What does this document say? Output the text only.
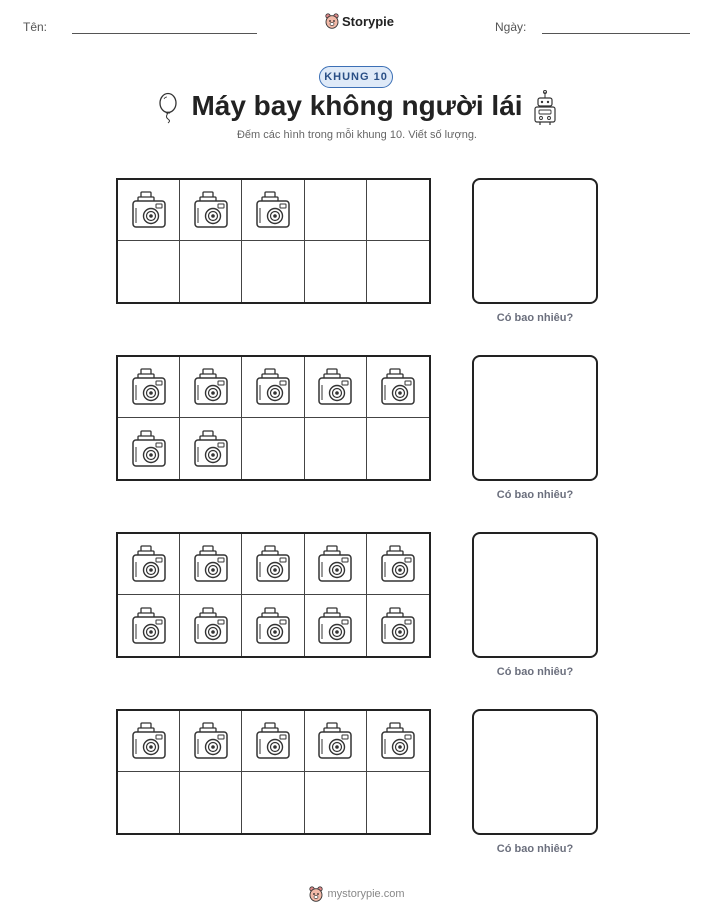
Tên:	Storypie	Ngày:
KHUNG 10
Máy bay không người lái
Đếm các hình trong mỗi khung 10. Viết số lượng.
Có bao nhiêu?
Có bao nhiêu?
Có bao nhiêu?
Có bao nhiêu?
mystorypie.com
